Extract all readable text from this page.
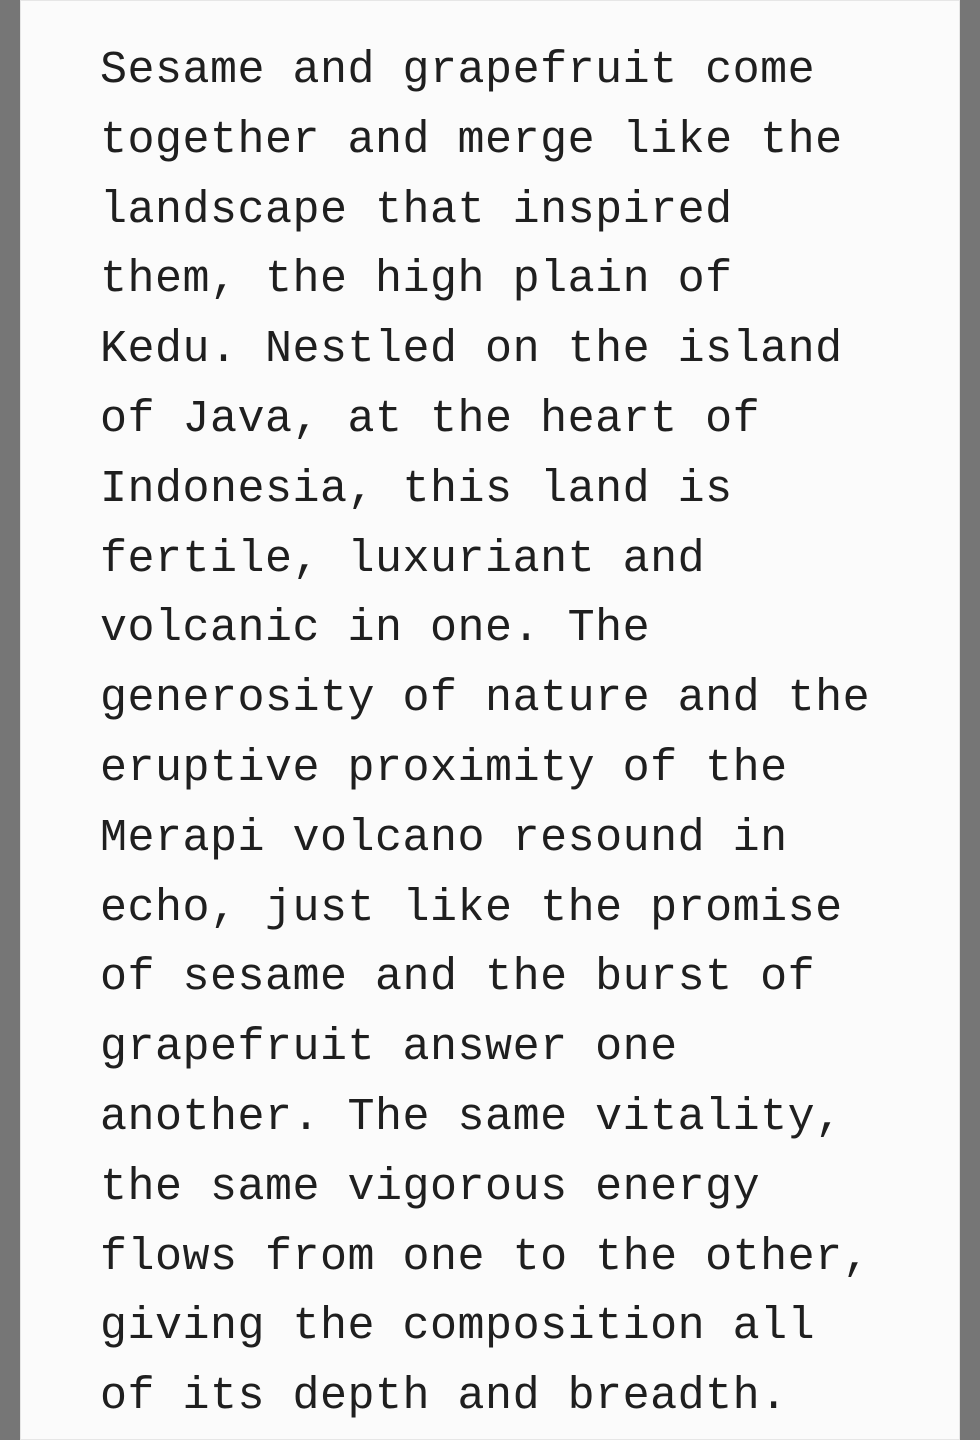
Sesame and grapefruit come
together and merge like the
landscape that inspired
them, the high plain of
Kedu. Nestled on the island
of Java, at the heart of
Indonesia, this land is
fertile, luxuriant and
volcanic in one. The
generosity of nature and the
eruptive proximity of the
Merapi volcano resound in
echo, just like the promise
of sesame and the burst of
grapefruit answer one
another. The same vitality,
the same vigorous energy
flows from one to the other,
giving the composition all
of its depth and breadth.
